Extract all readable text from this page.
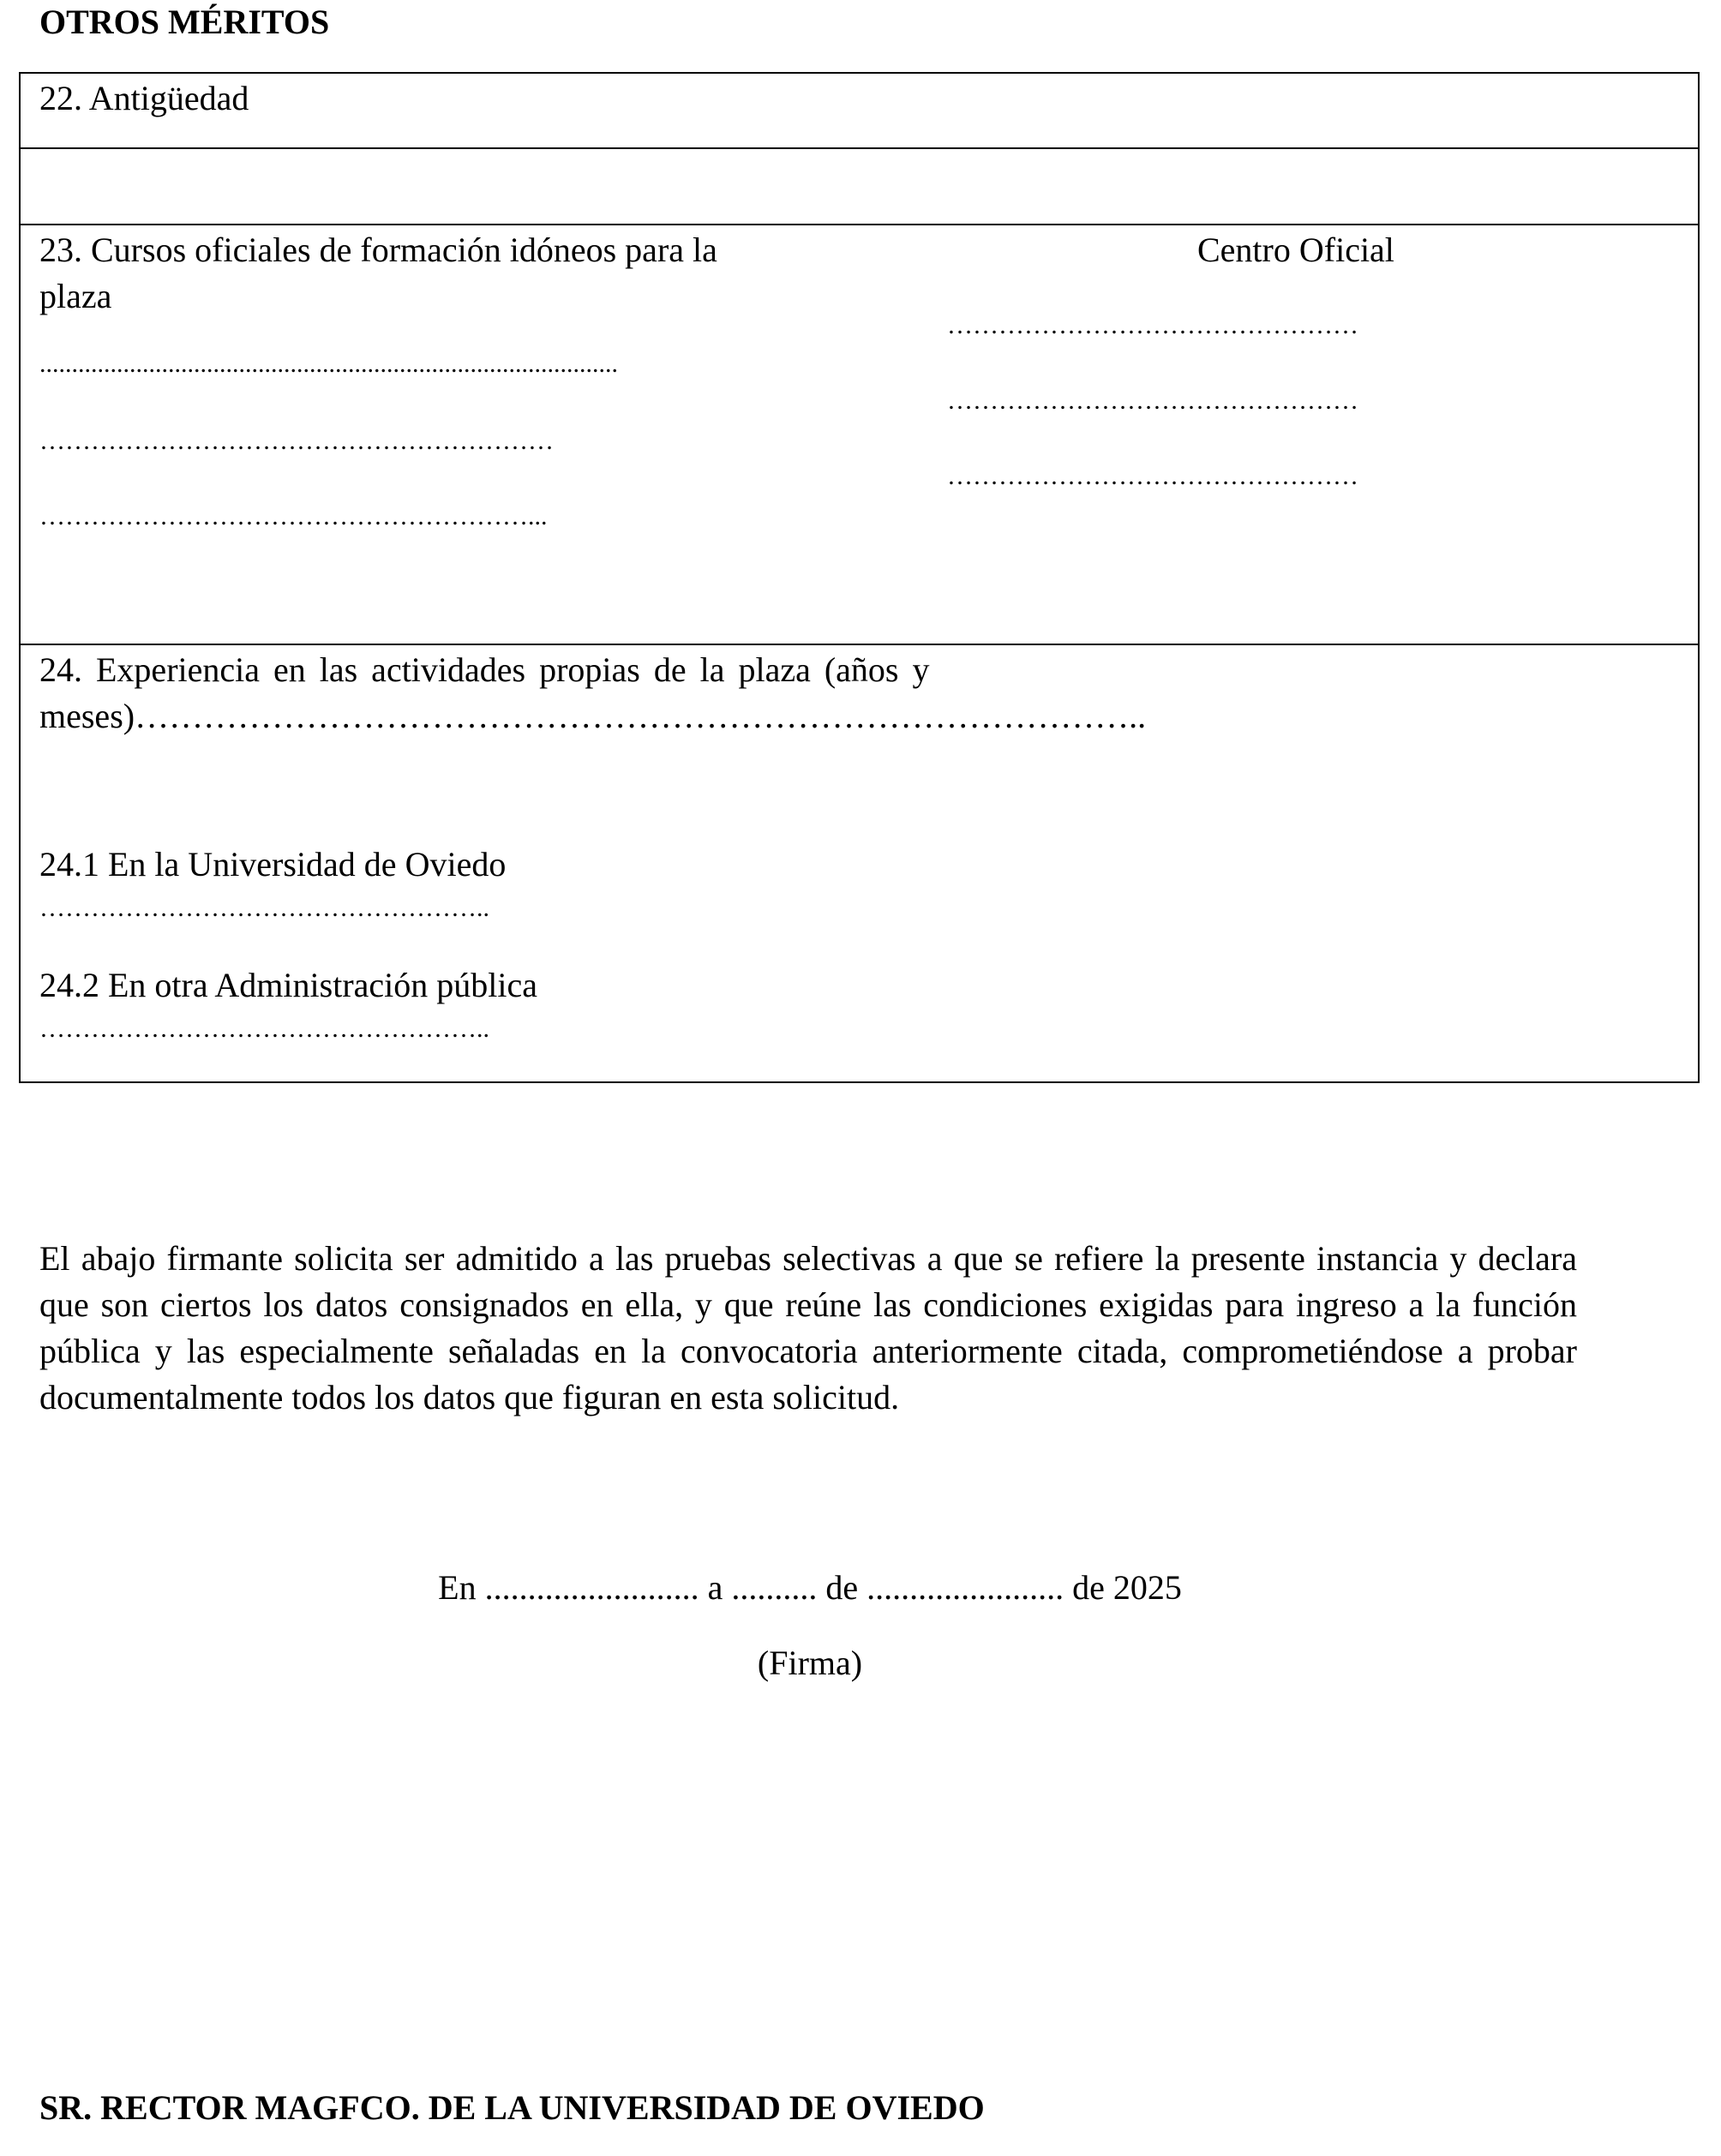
OTROS MÉRITOS
22. Antigüedad
23. Cursos oficiales de formación idóneos para la
plaza
Centro Oficial
..........................................................................................
……………………………………………………
…………………………………………………...
…………………………………………
…………………………………………
…………………………………………
24. Experiencia en las actividades propias de la plaza (años y
meses)……………………………………………………………………………..
24.1 En la Universidad de Oviedo
……………………………………………..
24.2 En otra Administración pública
……………………………………………..
El abajo firmante solicita ser admitido a las pruebas selectivas a que se refiere la presente instancia y declara que son ciertos los datos consignados en ella, y que reúne las condiciones exigidas para ingreso a la función pública y las especialmente señaladas en la convocatoria anteriormente citada, comprometiéndose a probar documentalmente todos los datos que figuran en esta solicitud.
En ......................... a .......... de ....................... de 2025
(Firma)
SR. RECTOR MAGFCO. DE LA UNIVERSIDAD DE OVIEDO
